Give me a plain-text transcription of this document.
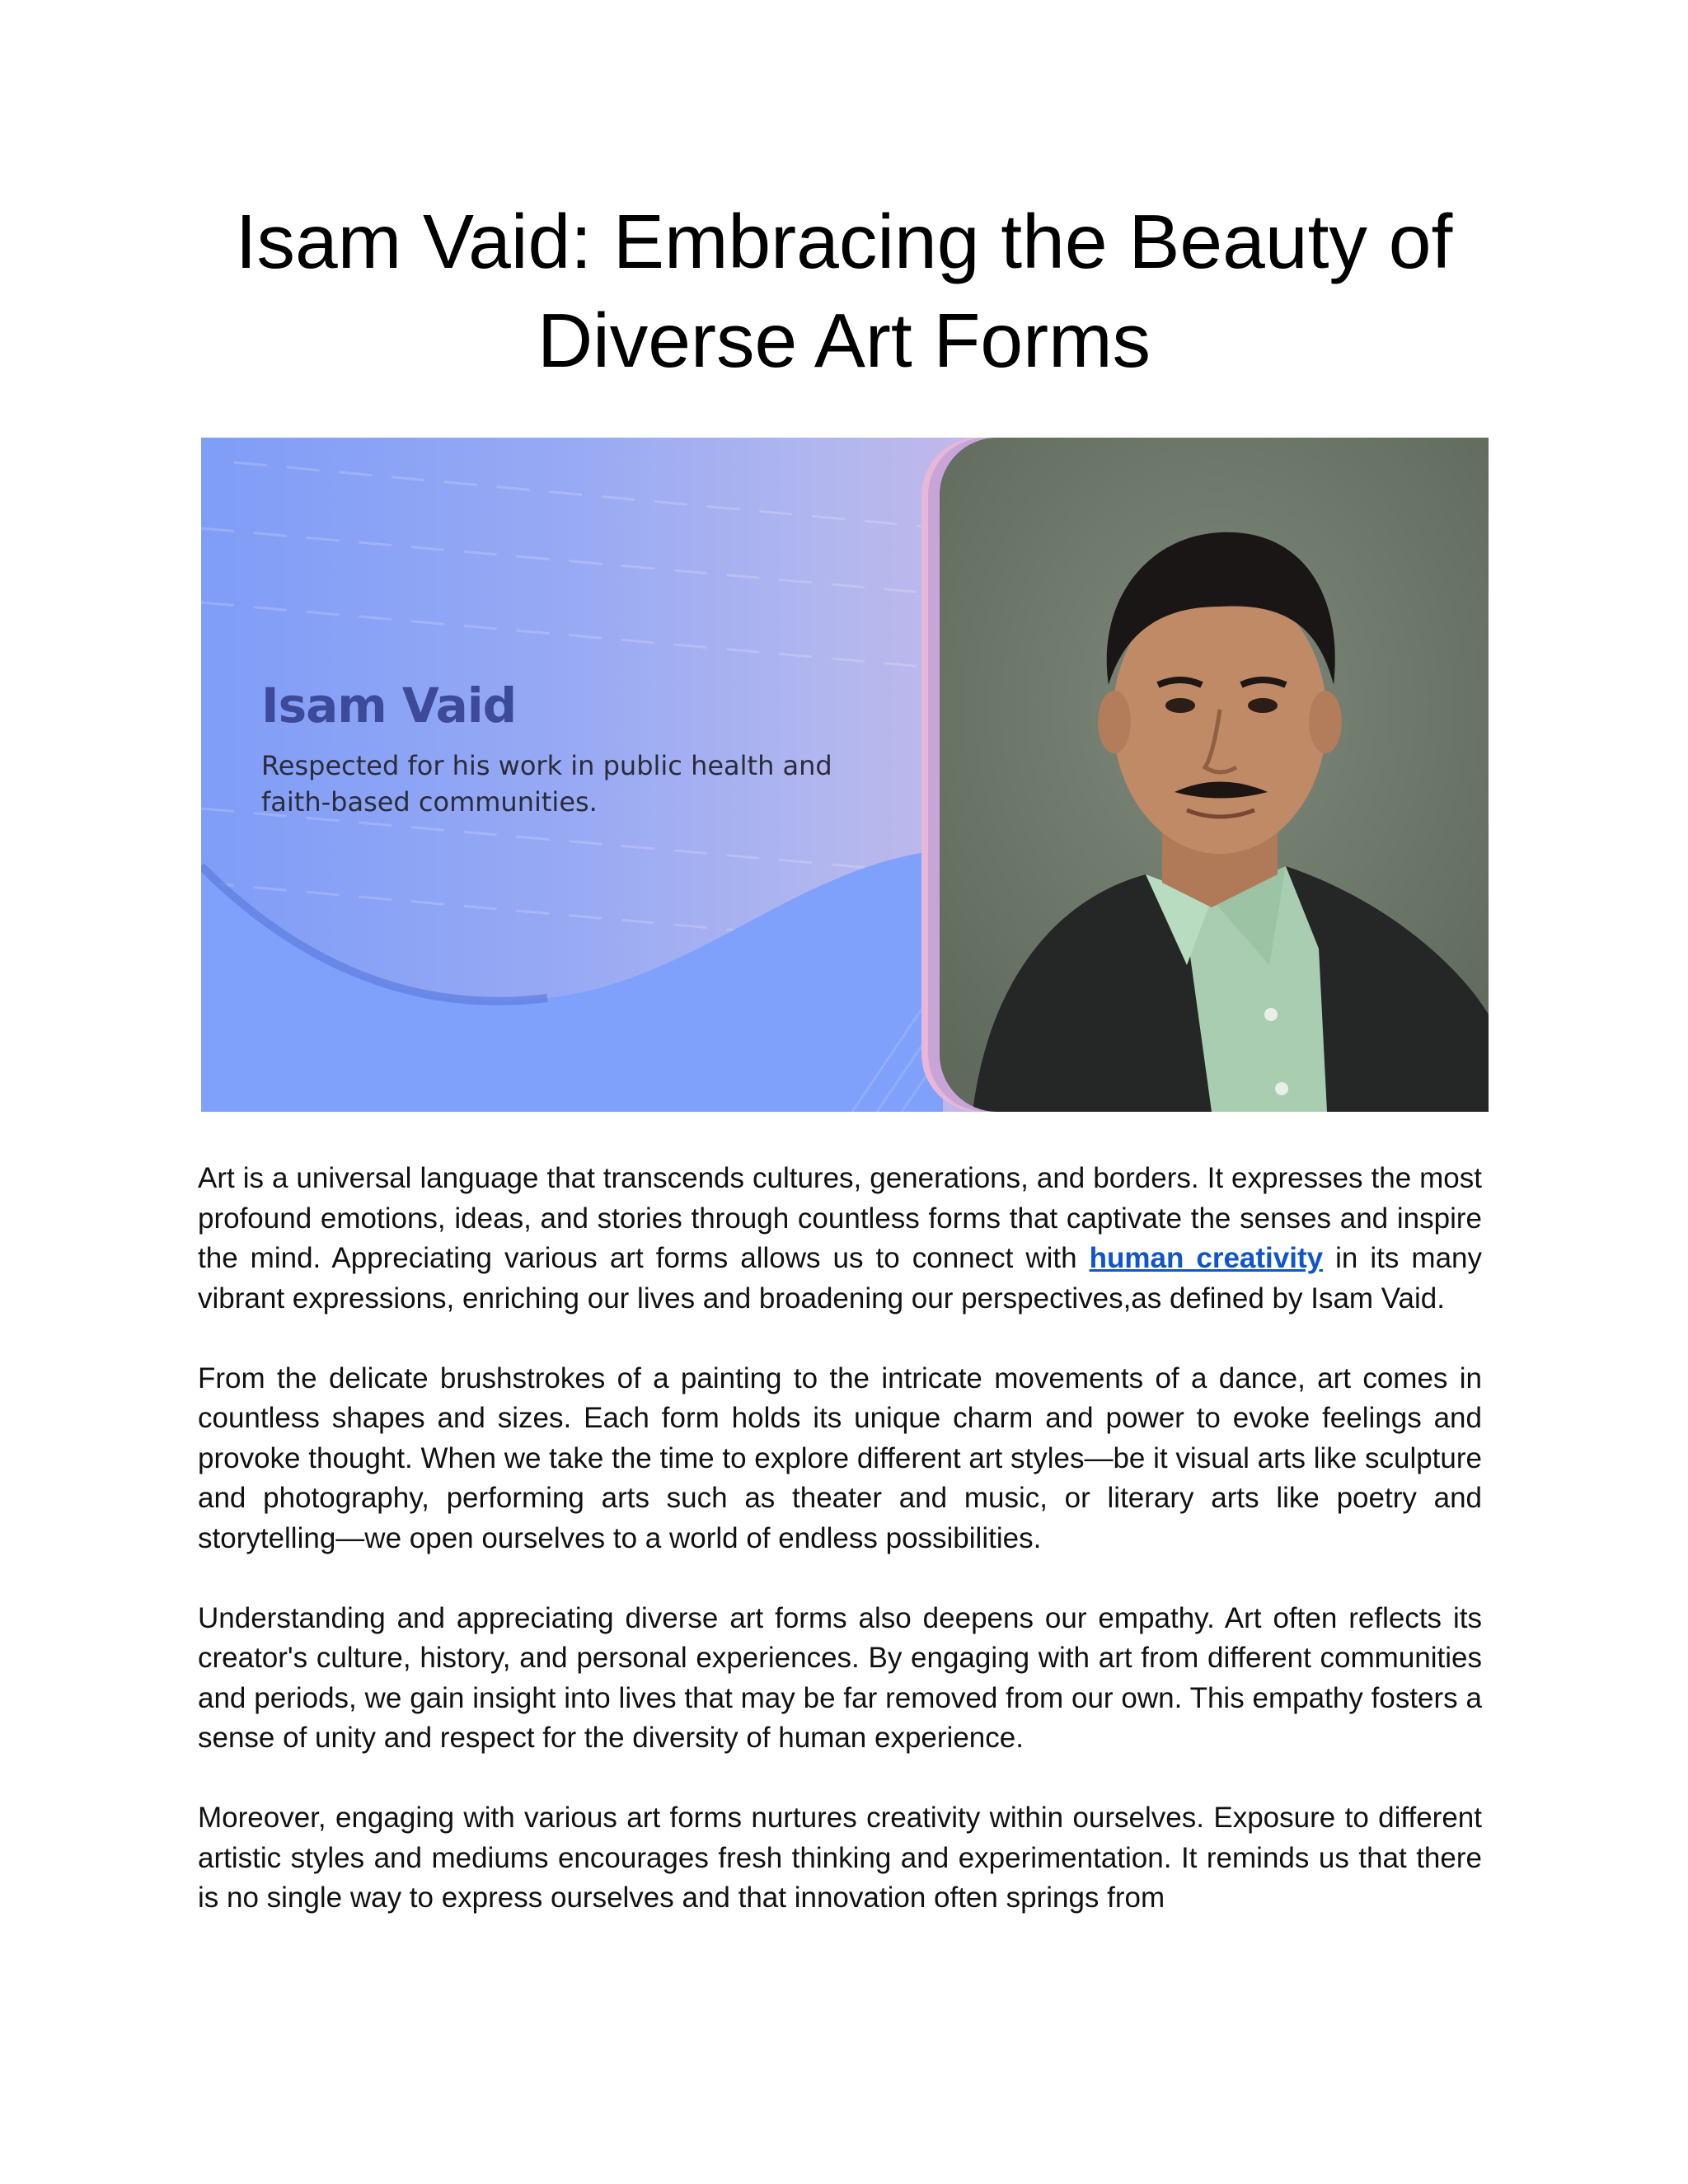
Isam Vaid: Embracing the Beauty of Diverse Art Forms
Isam Vaid
Respected for his work in public health and faith-based communities.

Art is a universal language that transcends cultures, generations, and borders. It expresses the most profound emotions, ideas, and stories through countless forms that captivate the senses and inspire the mind. Appreciating various art forms allows us to connect with human creativity in its many vibrant expressions, enriching our lives and broadening our perspectives,as defined by Isam Vaid.

From the delicate brushstrokes of a painting to the intricate movements of a dance, art comes in countless shapes and sizes. Each form holds its unique charm and power to evoke feelings and provoke thought. When we take the time to explore different art styles—be it visual arts like sculpture and photography, performing arts such as theater and music, or literary arts like poetry and storytelling—we open ourselves to a world of endless possibilities.

Understanding and appreciating diverse art forms also deepens our empathy. Art often reflects its creator's culture, history, and personal experiences. By engaging with art from different communities and periods, we gain insight into lives that may be far removed from our own. This empathy fosters a sense of unity and respect for the diversity of human experience.

Moreover, engaging with various art forms nurtures creativity within ourselves. Exposure to different artistic styles and mediums encourages fresh thinking and experimentation. It reminds us that there is no single way to express ourselves and that innovation often springs from
